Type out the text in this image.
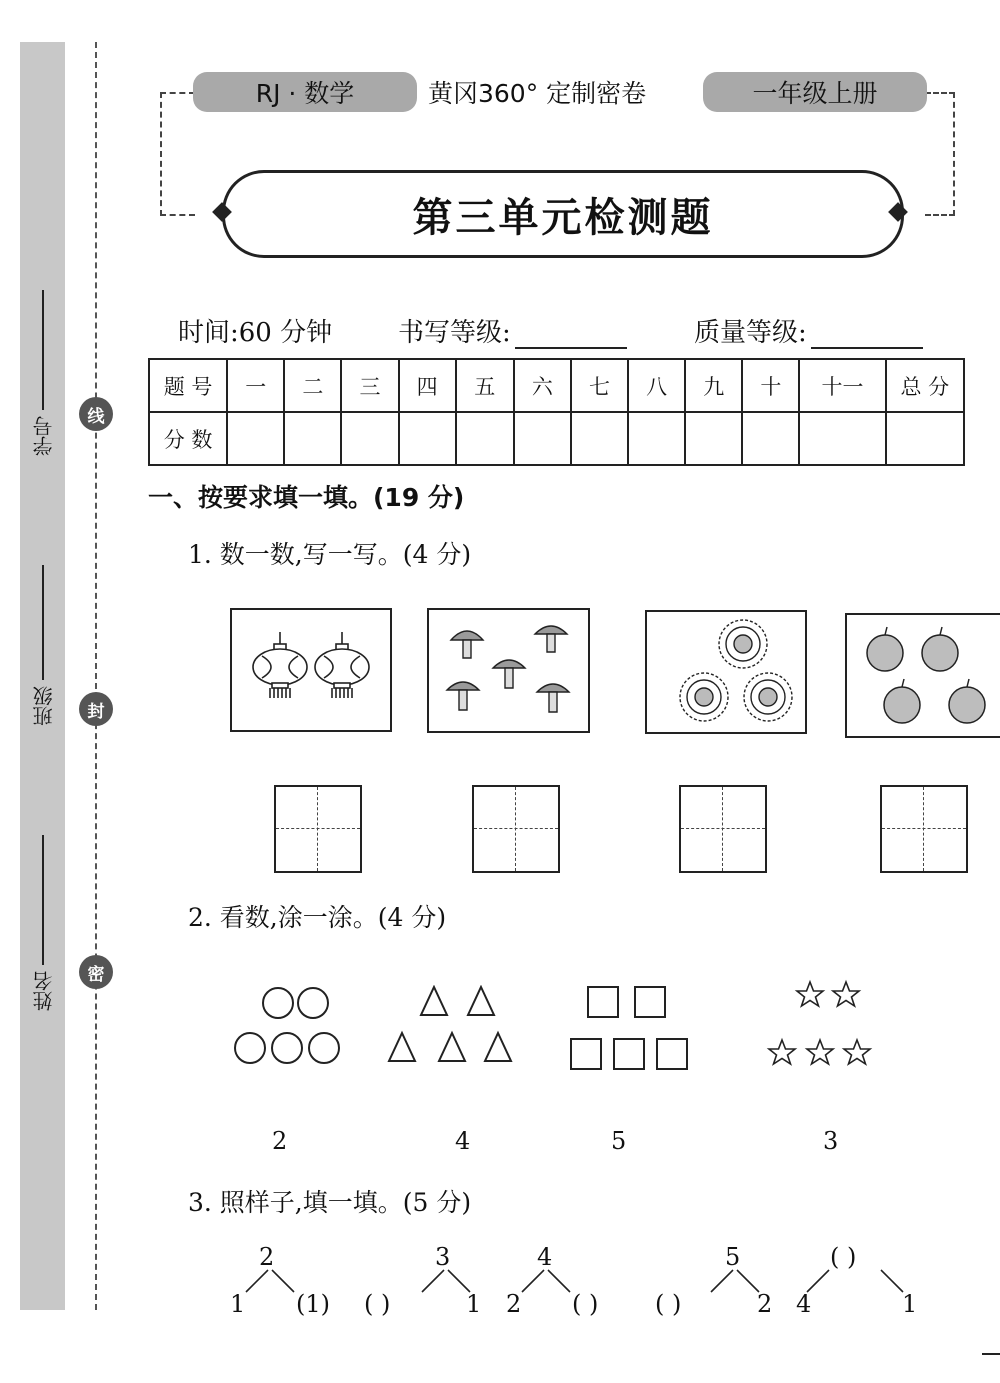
学号
班级
姓名
线
封
密
RJ · 数学	黄冈360° 定制密卷	一年级上册
第三单元检测题
时间:60 分钟	书写等级:	质量等级:
题 号	一	二	三	四	五	六	七	八	九	十	十一	总 分
分 数												
一、按要求填一填。(19 分)
1. 数一数,写一写。(4 分)
2. 看数,涂一涂。(4 分)
2	4	5	3
3. 照样子,填一填。(5 分)
2
1 (1)
3
( )	1
4
2 ( )
5
( )	2
( )
4	1
